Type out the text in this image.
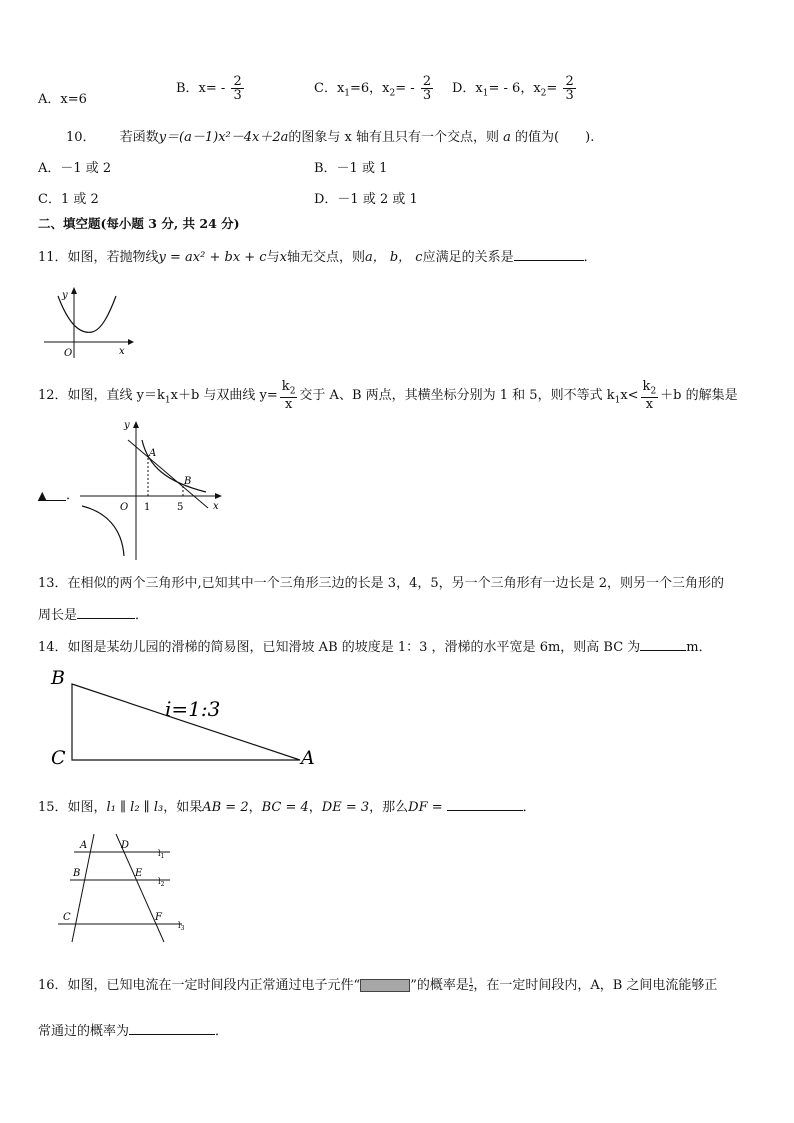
A．x=6
B．$x= - \frac{2}{3}$	C．$x_1=6$，$x_2= - \frac{2}{3}$ D．$x_1= - 6$，$x_2= \frac{2}{3}$
10． 若函数y＝(a－1)x²－4x＋2a的图象与 x 轴有且只有一个交点，则 a 的值为(　　).
A．－1 或 2	B．－1 或 1
C．1 或 2	D．－1 或 2 或 1
二、填空题(每小题 3 分, 共 24 分)
11．如图，若抛物线y = ax² + bx + c与x轴无交点，则a， b， c应满足的关系是	．
y
x
O
12．如图，直线 $y=k_1x+b$ 与双曲线 $y= \frac{k_2}{x}$ 交于 A、B 两点，其横坐标分别为 1 和 5，则不等式 $k_1x< \frac{k_2}{x} +b$ 的解集是
▲ ．
y
x
O 1	5
A
B
13．在相似的两个三角形中,已知其中一个三角形三边的长是 3，4，5，另一个三角形有一边长是 2，则另一个三角形的
周长是	．
14．如图是某幼儿园的滑梯的简易图，已知滑坡 AB 的坡度是 1：3 ，滑梯的水平宽是 6m，则高 BC 为	m．
B
C	A
i=1:3
15．如图，l₁ ∥ l₂ ∥ l₃，如果AB = 2，BC = 4，DE = 3，那么DF =	．
A	D
B	E
C	F
$l_1$
$l_2$
$l_3$
16．如图，已知电流在一定时间段内正常通过电子元件“	”的概率是 $\frac{1}{2}$ ，在一定时间段内，A，B 之间电流能够正
常通过的概率为	．
